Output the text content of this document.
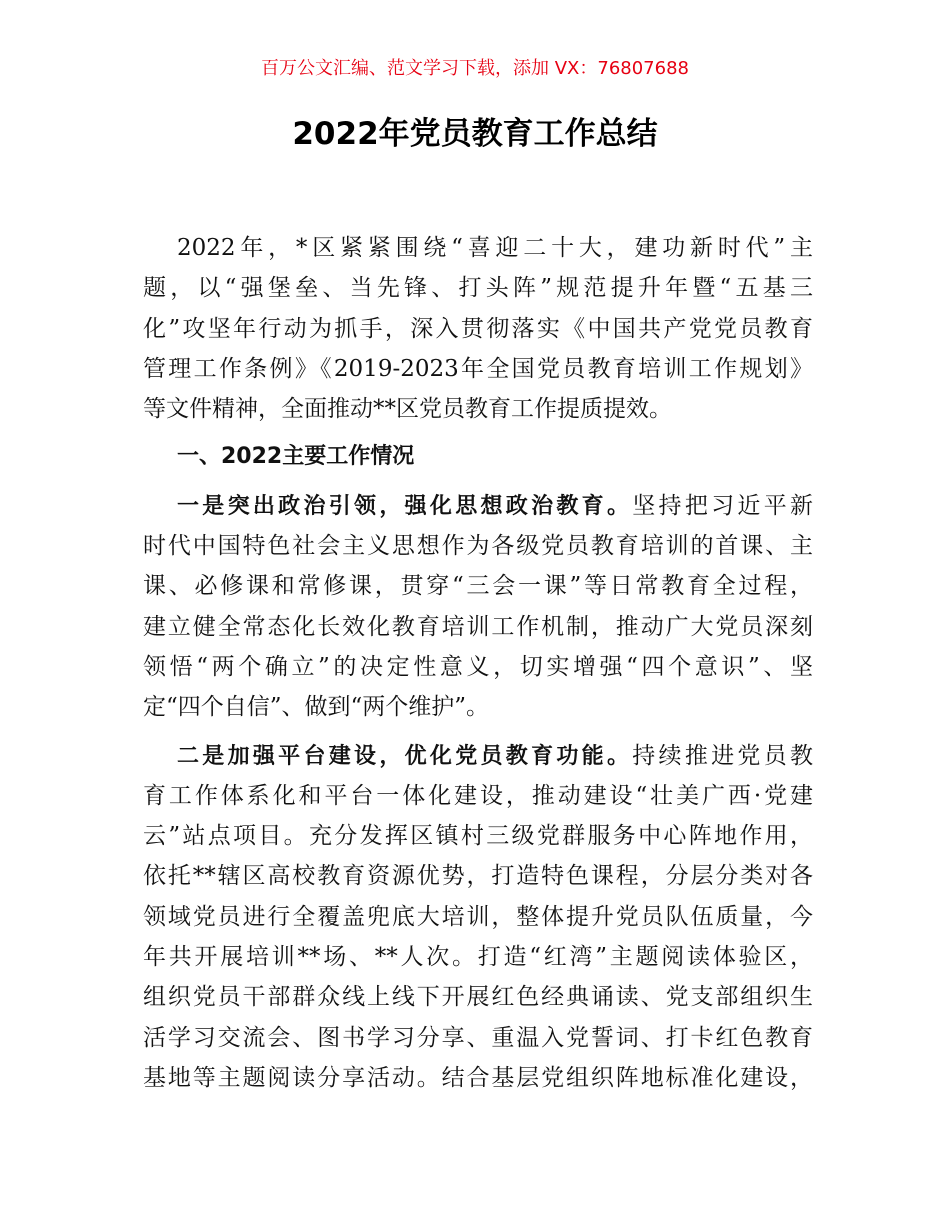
百万公文汇编、范文学习下载，添加 VX：76807688
2022年党员教育工作总结
2022年，*区紧紧围绕“喜迎二十大，建功新时代”主
题，以“强堡垒、当先锋、打头阵”规范提升年暨“五基三
化”攻坚年行动为抓手，深入贯彻落实《中国共产党党员教育
管理工作条例》《2019-2023年全国党员教育培训工作规划》
等文件精神，全面推动**区党员教育工作提质提效。
一、2022主要工作情况
一是突出政治引领，强化思想政治教育。坚持把习近平新
时代中国特色社会主义思想作为各级党员教育培训的首课、主
课、必修课和常修课，贯穿“三会一课”等日常教育全过程，
建立健全常态化长效化教育培训工作机制，推动广大党员深刻
领悟“两个确立”的决定性意义，切实增强“四个意识”、坚
定“四个自信”、做到“两个维护”。
二是加强平台建设，优化党员教育功能。持续推进党员教
育工作体系化和平台一体化建设，推动建设“壮美广西·党建
云”站点项目。充分发挥区镇村三级党群服务中心阵地作用，
依托**辖区高校教育资源优势，打造特色课程，分层分类对各
领域党员进行全覆盖兜底大培训，整体提升党员队伍质量，今
年共开展培训**场、**人次。打造“红湾”主题阅读体验区，
组织党员干部群众线上线下开展红色经典诵读、党支部组织生
活学习交流会、图书学习分享、重温入党誓词、打卡红色教育
基地等主题阅读分享活动。结合基层党组织阵地标准化建设，
